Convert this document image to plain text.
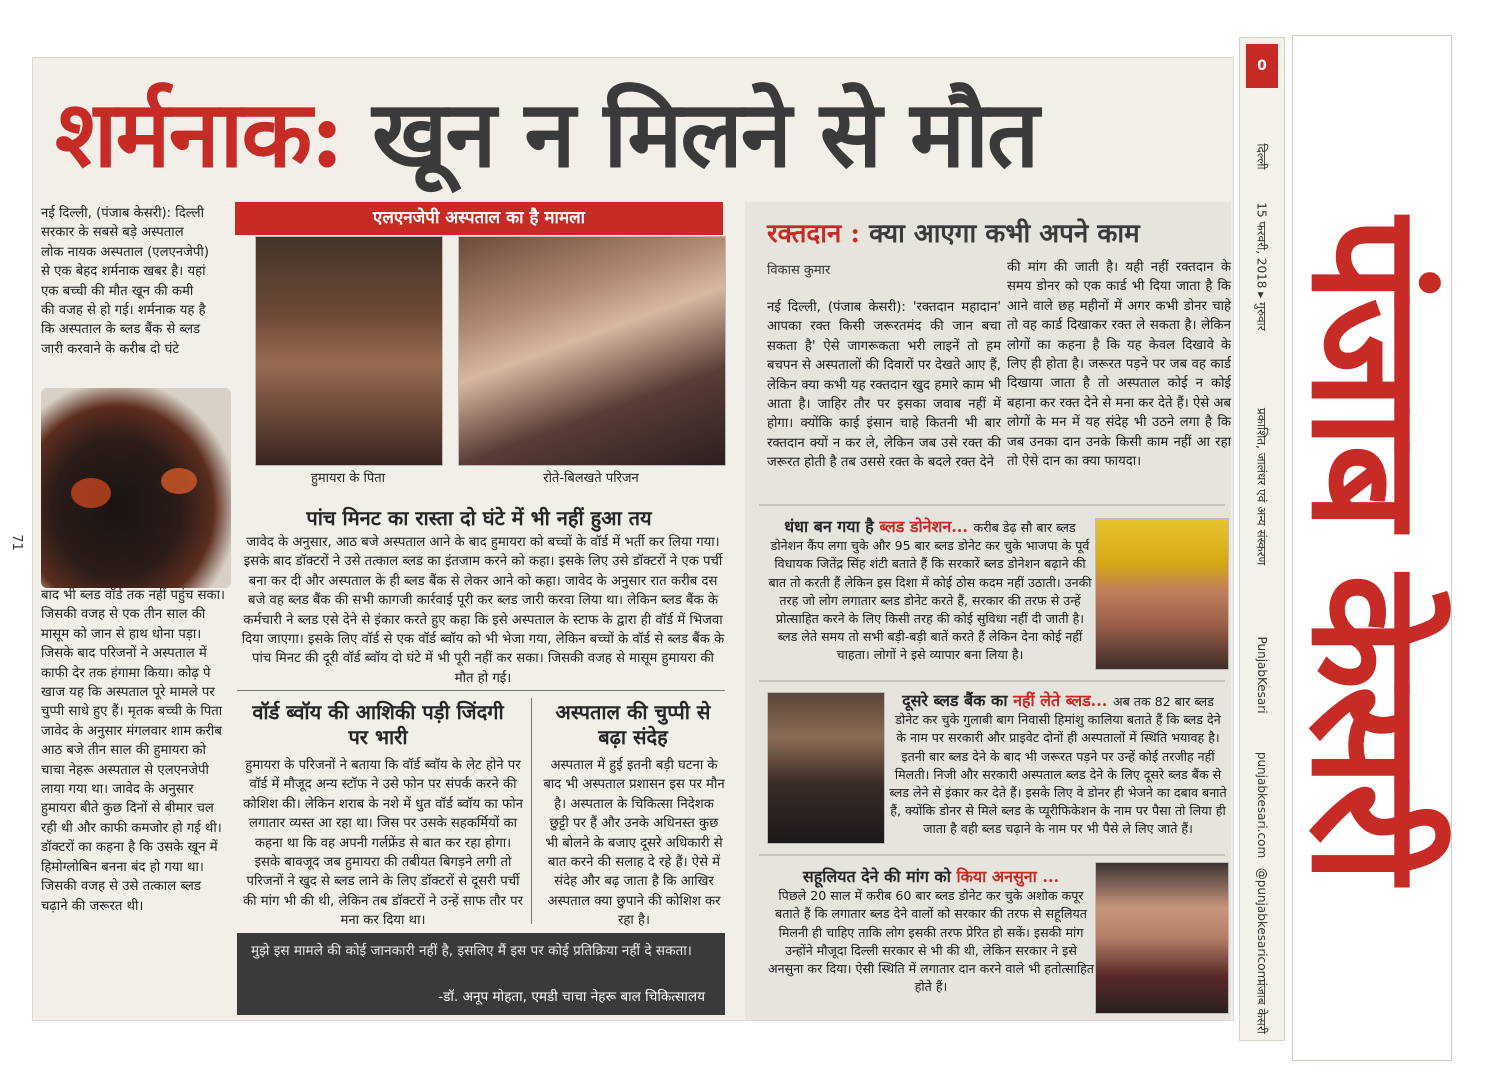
71
शर्मनाक: खून न मिलने से मौत

नई दिल्ली, (पंजाब केसरी): दिल्ली सरकार के सबसे बड़े अस्पताल लोक नायक अस्पताल (एलएनजेपी) से एक बेहद शर्मनाक खबर है। यहां एक बच्ची की मौत खून की कमी की वजह से हो गई। शर्मनाक यह है कि अस्पताल के ब्लड बैंक से ब्लड जारी करवाने के करीब दो घंटे

बाद भी ब्लड वॉर्ड तक नहीं पहुंच सका। जिसकी वजह से एक तीन साल की मासूम को जान से हाथ धोना पड़ा। जिसके बाद परिजनों ने अस्पताल में काफी देर तक हंगामा किया। कोढ़ पे खाज यह कि अस्पताल पूरे मामले पर चुप्पी साधे हुए हैं। मृतक बच्ची के पिता जावेद के अनुसार मंगलवार शाम करीब आठ बजे तीन साल की हुमायरा को चाचा नेहरू अस्पताल से एलएनजेपी लाया गया था। जावेद के अनुसार हुमायरा बीते कुछ दिनों से बीमार चल रही थी और काफी कमजोर हो गई थी। डॉक्टरों का कहना है कि उसके खून में हिमोग्लोबिन बनना बंद हो गया था। जिसकी वजह से उसे तत्काल ब्लड चढ़ाने की जरूरत थी।

एलएनजेपी अस्पताल का है मामला
हुमायरा के पिता	रोते-बिलखते परिजन
पांच मिनट का रास्ता दो घंटे में भी नहीं हुआ तय

जावेद के अनुसार, आठ बजे अस्पताल आने के बाद हुमायरा को बच्चों के वॉर्ड में भर्ती कर लिया गया। इसके बाद डॉक्टरों ने उसे तत्काल ब्लड का इंतजाम करने को कहा। इसके लिए उसे डॉक्टरों ने एक पर्ची बना कर दी और अस्पताल के ही ब्लड बैंक से लेकर आने को कहा। जावेद के अनुसार रात करीब दस बजे वह ब्लड बैंक की सभी कागजी कार्रवाई पूरी कर ब्लड जारी करवा लिया था। लेकिन ब्लड बैंक के कर्मचारी ने ब्लड एसे देने से इंकार करते हुए कहा कि इसे अस्पताल के स्टाफ के द्वारा ही वॉर्ड में भिजवा दिया जाएगा। इसके लिए वॉर्ड से एक वॉर्ड ब्वॉय को भी भेजा गया, लेकिन बच्चों के वॉर्ड से ब्लड बैंक के पांच मिनट की दूरी वॉर्ड ब्वॉय दो घंटे में भी पूरी नहीं कर सका। जिसकी वजह से मासूम हुमायरा की मौत हो गई।

वॉर्ड ब्वॉय की आशिकी पड़ी जिंदगी पर भारी

हुमायरा के परिजनों ने बताया कि वॉर्ड ब्वॉय के लेट होने पर वॉर्ड में मौजूद अन्य स्टॉफ ने उसे फोन पर संपर्क करने की कोशिश की। लेकिन शराब के नशे में धुत वॉर्ड ब्वॉय का फोन लगातार व्यस्त आ रहा था। जिस पर उसके सहकर्मियों का कहना था कि वह अपनी गर्लफ्रेंड से बात कर रहा होगा। इसके बावजूद जब हुमायरा की तबीयत बिगड़ने लगी तो परिजनों ने खुद से ब्लड लाने के लिए डॉक्टरों से दूसरी पर्ची की मांग भी की थी, लेकिन तब डॉक्टरों ने उन्हें साफ तौर पर मना कर दिया था।

अस्पताल की चुप्पी से बढ़ा संदेह

अस्पताल में हुई इतनी बड़ी घटना के बाद भी अस्पताल प्रशासन इस पर मौन है। अस्पताल के चिकित्सा निदेशक छुट्टी पर हैं और उनके अधिनस्त कुछ भी बोलने के बजाए दूसरे अधिकारी से बात करने की सलाह दे रहे हैं। ऐसे में संदेह और बढ़ जाता है कि आखिर अस्पताल क्या छुपाने की कोशिश कर रहा है।

मुझे इस मामले की कोई जानकारी नहीं है, इसलिए मैं इस पर कोई प्रतिक्रिया नहीं दे सकता।
-डॉ. अनूप मोहता, एमडी चाचा नेहरू बाल चिकित्सालय
रक्तदान : क्या आएगा कभी अपने काम
विकास कुमार
नई दिल्ली, (पंजाब केसरी): 'रक्तदान महादान' आपका रक्त किसी जरूरतमंद की जान बचा सकता है' ऐसे जागरूकता भरी लाइनें तो हम बचपन से अस्पतालों की दिवारों पर देखते आए हैं, लेकिन क्या कभी यह रक्तदान खुद हमारे काम भी आता है। जाहिर तौर पर इसका जवाब नहीं में होगा। क्योंकि काई इंसान चाहे कितनी भी बार रक्तदान क्यों न कर ले, लेकिन जब उसे रक्त की जरूरत होती है तब उससे रक्त के बदले रक्त देने
की मांग की जाती है। यही नहीं रक्तदान के समय डोनर को एक कार्ड भी दिया जाता है कि आने वाले छह महीनों में अगर कभी डोनर चाहे तो वह कार्ड दिखाकर रक्त ले सकता है। लेकिन लोगों का कहना है कि यह केवल दिखावे के लिए ही होता है। जरूरत पड़ने पर जब वह कार्ड दिखाया जाता है तो अस्पताल कोई न कोई बहाना कर रक्त देने से मना कर देते हैं। ऐसे अब लोगों के मन में यह संदेह भी उठने लगा है कि जब उनका दान उनके किसी काम नहीं आ रहा तो ऐसे दान का क्या फायदा।
धंधा बन गया है ब्लड डोनेशन... करीब डेढ़ सौ बार ब्लड डोनेशन कैंप लगा चुके और 95 बार ब्लड डोनेट कर चुके भाजपा के पूर्व विधायक जितेंद्र सिंह शंटी बताते हैं कि सरकारें ब्लड डोनेशन बढ़ाने की बात तो करती हैं लेकिन इस दिशा में कोई ठोस कदम नहीं उठाती। उनकी तरह जो लोग लगातार ब्लड डोनेट करते हैं, सरकार की तरफ से उन्हें प्रोत्साहित करने के लिए किसी तरह की कोई सुविधा नहीं दी जाती है। ब्लड लेते समय तो सभी बड़ी-बड़ी बातें करते हैं लेकिन देना कोई नहीं चाहता। लोगों ने इसे व्यापार बना लिया है।
दूसरे ब्लड बैंक का नहीं लेते ब्लड... अब तक 82 बार ब्लड डोनेट कर चुके गुलाबी बाग निवासी हिमांशु कालिया बताते हैं कि ब्लड देने के नाम पर सरकारी और प्राइवेट दोनों ही अस्पतालों में स्थिति भयावह है। इतनी बार ब्लड देने के बाद भी जरूरत पड़ने पर उन्हें कोई तरजीह नहीं मिलती। निजी और सरकारी अस्पताल ब्लड देने के लिए दूसरे ब्लड बैंक से ब्लड लेने से इंकार कर देते हैं। इसके लिए वे डोनर ही भेजने का दबाव बनाते हैं, क्योंकि डोनर से मिले ब्लड के प्यूरीफिकेशन के नाम पर पैसा तो लिया ही जाता है वही ब्लड चढ़ाने के नाम पर भी पैसे ले लिए जाते हैं।
सहूलियत देने की मांग को किया अनसुना ...
पिछले 20 साल में करीब 60 बार ब्लड डोनेट कर चुके अशोक कपूर बताते हैं कि लगातार ब्लड देने वालों को सरकार की तरफ से सहूलियत मिलनी ही चाहिए ताकि लोग इसकी तरफ प्रेरित हो सकें। इसकी मांग उन्होंने मौजूदा दिल्ली सरकार से भी की थी, लेकिन सरकार ने इसे अनसुना कर दिया। ऐसी स्थिति में लगातार दान करने वाले भी हतोत्साहित होते हैं।
0
दिल्ली
15 फरवरी, 2018 ▸ गुरुवार
प्रकाशित, जालंधर एवं अन्य संस्करण
PunjabKesari
punjabkesari.com
@punjabkesaricom
पंजाब केसरी
पंजाब केसरी
